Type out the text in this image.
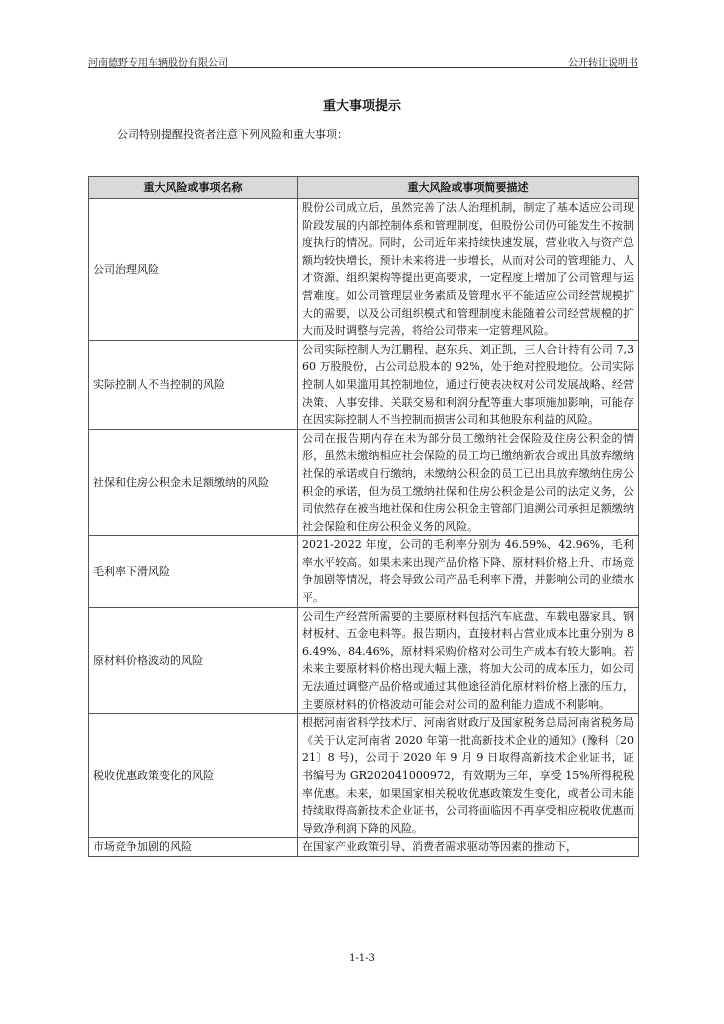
河南德野专用车辆股份有限公司	公开转让说明书
重大事项提示
公司特别提醒投资者注意下列风险和重大事项：
重大风险或事项名称	重大风险或事项简要描述
公司治理风险	股份公司成立后，虽然完善了法人治理机制，制定了基本适应公司现阶段发展的内部控制体系和管理制度，但股份公司仍可能发生不按制度执行的情况。同时，公司近年来持续快速发展，营业收入与资产总额均较快增长，预计未来将进一步增长，从而对公司的管理能力、人才资源、组织架构等提出更高要求，一定程度上增加了公司管理与运营难度。如公司管理层业务素质及管理水平不能适应公司经营规模扩大的需要，以及公司组织模式和管理制度未能随着公司经营规模的扩大而及时调整与完善，将给公司带来一定管理风险。
实际控制人不当控制的风险	公司实际控制人为江鹏程、赵东兵、刘正凯，三人合计持有公司 7,360 万股股份，占公司总股本的 92%，处于绝对控股地位。公司实际控制人如果滥用其控制地位，通过行使表决权对公司发展战略、经营决策、人事安排、关联交易和利润分配等重大事项施加影响，可能存在因实际控制人不当控制而损害公司和其他股东利益的风险。
社保和住房公积金未足额缴纳的风险	公司在报告期内存在未为部分员工缴纳社会保险及住房公积金的情形，虽然未缴纳相应社会保险的员工均已缴纳新农合或出具放弃缴纳社保的承诺或自行缴纳，未缴纳公积金的员工已出具放弃缴纳住房公积金的承诺，但为员工缴纳社保和住房公积金是公司的法定义务，公司依然存在被当地社保和住房公积金主管部门追溯公司承担足额缴纳社会保险和住房公积金义务的风险。
毛利率下滑风险	2021-2022 年度，公司的毛利率分别为 46.59%、42.96%，毛利率水平较高。如果未来出现产品价格下降、原材料价格上升、市场竞争加剧等情况，将会导致公司产品毛利率下滑，并影响公司的业绩水平。
原材料价格波动的风险	公司生产经营所需要的主要原材料包括汽车底盘、车载电器家具、钢材板材、五金电料等。报告期内，直接材料占营业成本比重分别为 86.49%、84.46%，原材料采购价格对公司生产成本有较大影响。若未来主要原材料价格出现大幅上涨，将加大公司的成本压力，如公司无法通过调整产品价格或通过其他途径消化原材料价格上涨的压力，主要原材料的价格波动可能会对公司的盈利能力造成不利影响。
税收优惠政策变化的风险	根据河南省科学技术厅、河南省财政厅及国家税务总局河南省税务局《关于认定河南省 2020 年第一批高新技术企业的通知》(豫科〔2021〕8 号)，公司于 2020 年 9 月 9 日取得高新技术企业证书，证书编号为 GR202041000972，有效期为三年，享受 15%所得税税率优惠。未来，如果国家相关税收优惠政策发生变化，或者公司未能持续取得高新技术企业证书，公司将面临因不再享受相应税收优惠而导致净利润下降的风险。
市场竞争加剧的风险	在国家产业政策引导、消费者需求驱动等因素的推动下，
1-1-3
